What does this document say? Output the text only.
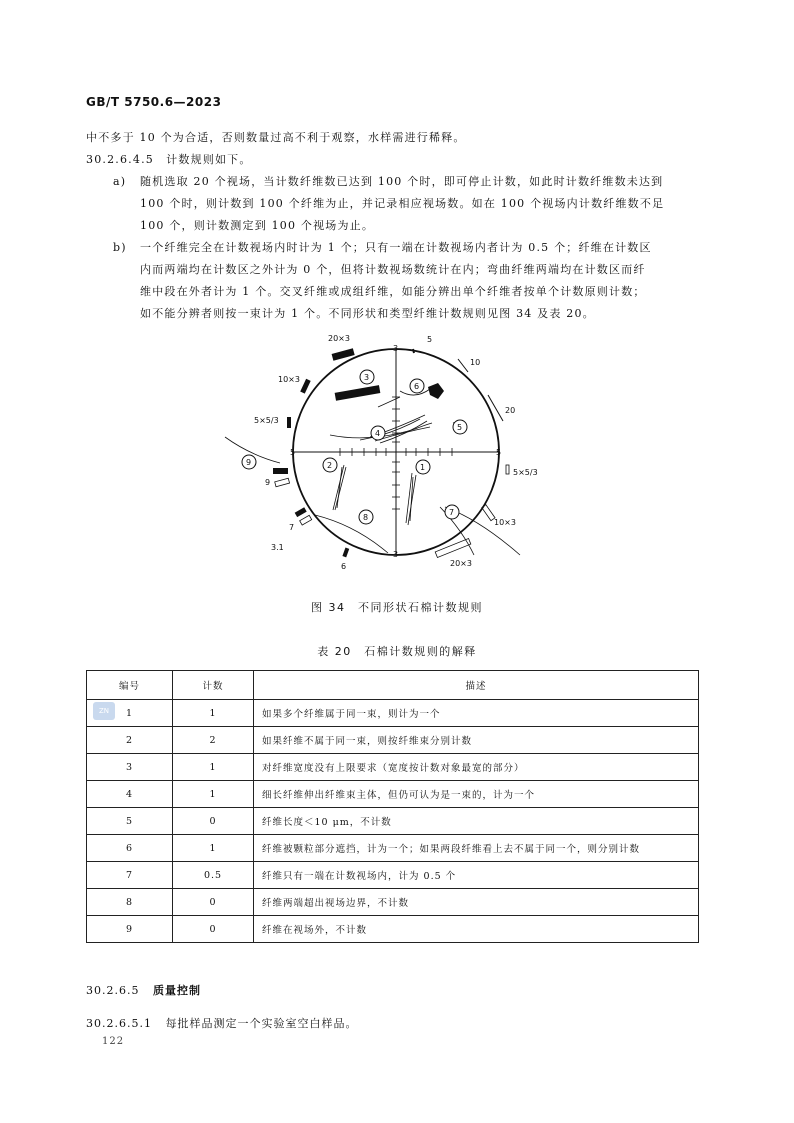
GB/T 5750.6—2023
中不多于 10 个为合适，否则数量过高不利于观察，水样需进行稀释。
30.2.6.4.5　计数规则如下。
a) 随机选取 20 个视场，当计数纤维数已达到 100 个时，即可停止计数，如此时计数纤维数未达到
100 个时，则计数到 100 个纤维为止，并记录相应视场数。如在 100 个视场内计数纤维数不足
100 个，则计数测定到 100 个视场为止。
b) 一个纤维完全在计数视场内时计为 1 个；只有一端在计数视场内者计为 0.5 个；纤维在计数区
内而两端均在计数区之外计为 0 个，但将计数视场数统计在内；弯曲纤维两端均在计数区而纤
维中段在外者计为 1 个。交叉纤维或成组纤维，如能分辨出单个纤维者按单个计数原则计数；
如不能分辨者则按一束计为 1 个。不同形状和类型纤维计数规则见图 34 及表 20。
3
3
5	5
20×3	5
10
20
10×3
5×5/3
5×5/3
9
7
6
10×3
20×3
3.1
1
2
3
4
5
6
7
8
9
图 34　不同形状石棉计数规则
表 20　石棉计数规则的解释
编号	计数	描述
1	1	如果多个纤维属于同一束，则计为一个
2	2	如果纤维不属于同一束，则按纤维束分别计数
3	1	对纤维宽度没有上限要求（宽度按计数对象最宽的部分）
4	1	细长纤维伸出纤维束主体，但仍可认为是一束的，计为一个
5	0	纤维长度＜10 μm，不计数
6	1	纤维被颗粒部分遮挡，计为一个；如果两段纤维看上去不属于同一个，则分别计数
7	0.5	纤维只有一端在计数视场内，计为 0.5 个
8	0	纤维两端超出视场边界，不计数
9	0	纤维在视场外，不计数
ZN
30.2.6.5 质量控制
30.2.6.5.1 每批样品测定一个实验室空白样品。
122
